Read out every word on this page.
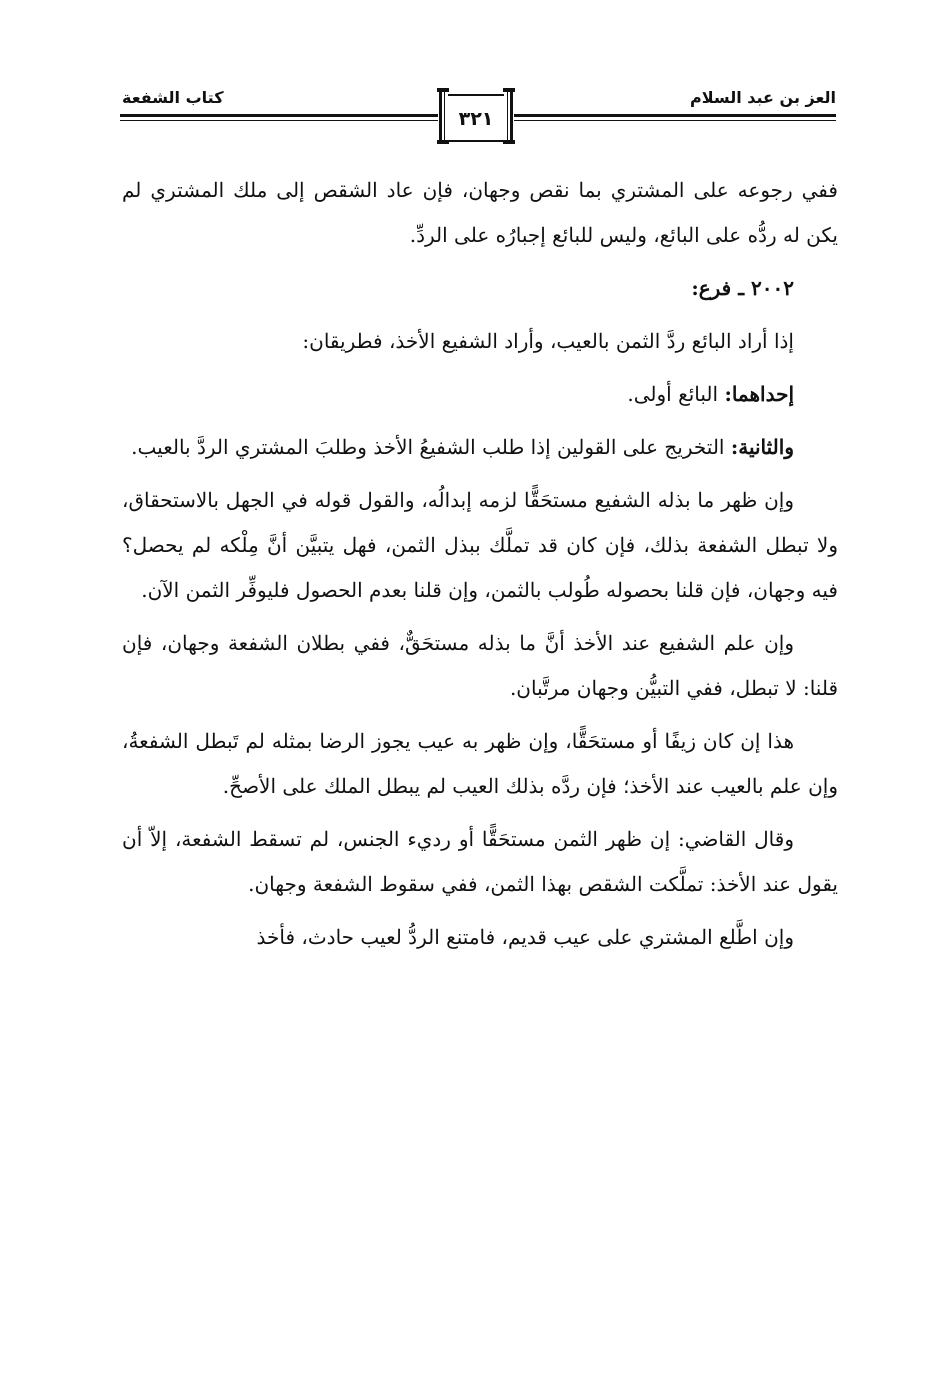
العز بن عبد السلام
كتاب الشفعة
٣٢١

ففي رجوعه على المشتري بما نقص وجهان، فإن عاد الشقص إلى ملك المشتري لم يكن له ردُّه على البائع، وليس للبائع إجبارُه على الردِّ.

٢٠٠٢ ـ فرع:

إذا أراد البائع ردَّ الثمن بالعيب، وأراد الشفيع الأخذ، فطريقان:

إحداهما: البائع أولى.

والثانية: التخريج على القولين إذا طلب الشفيعُ الأخذ وطلبَ المشتري الردَّ بالعيب.

وإن ظهر ما بذله الشفيع مستحَقًّا لزمه إبدالُه، والقول قوله في الجهل بالاستحقاق، ولا تبطل الشفعة بذلك، فإن كان قد تملَّك ببذل الثمن، فهل يتبيَّن أنَّ مِلْكه لم يحصل؟ فيه وجهان، فإن قلنا بحصوله طُولب بالثمن، وإن قلنا بعدم الحصول فليوفِّر الثمن الآن.

وإن علم الشفيع عند الأخذ أنَّ ما بذله مستحَقٌّ، ففي بطلان الشفعة وجهان، فإن قلنا: لا تبطل، ففي التبيُّن وجهان مرتَّبان.

هذا إن كان زيفًا أو مستحَقًّا، وإن ظهر به عيب يجوز الرضا بمثله لم تَبطل الشفعةُ، وإن علم بالعيب عند الأخذ؛ فإن ردَّه بذلك العيب لم يبطل الملك على الأصحِّ.

وقال القاضي: إن ظهر الثمن مستحَقًّا أو رديء الجنس، لم تسقط الشفعة، إلاّ أن يقول عند الأخذ: تملَّكت الشقص بهذا الثمن، ففي سقوط الشفعة وجهان.

وإن اطَّلع المشتري على عيب قديم، فامتنع الردُّ لعيب حادث، فأخذ
